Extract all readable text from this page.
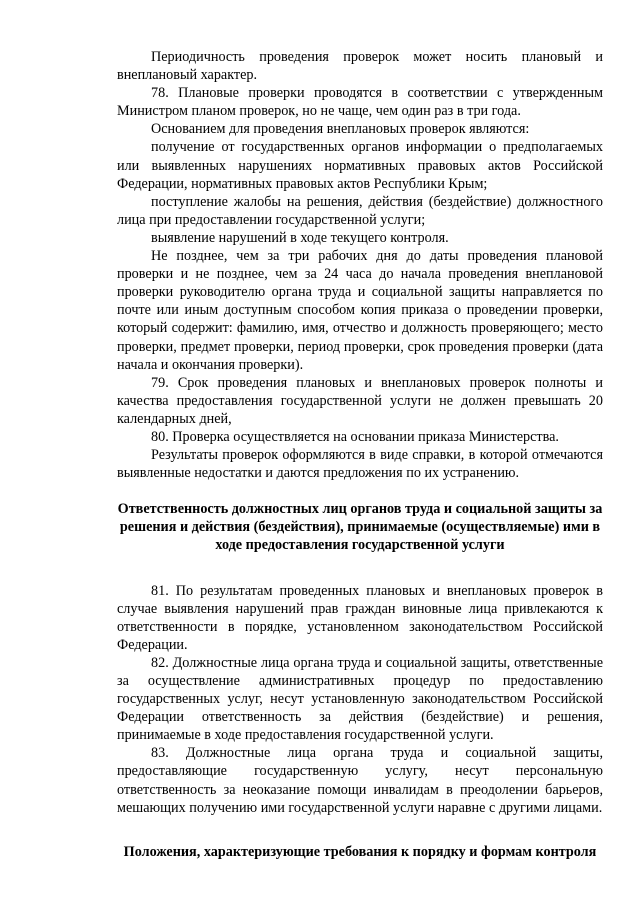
Периодичность проведения проверок может носить плановый и внеплановый характер.

78. Плановые проверки проводятся в соответствии с утвержденным Министром планом проверок, но не чаще, чем один раз в три года.

Основанием для проведения внеплановых проверок являются:

получение от государственных органов информации о предполагаемых или выявленных нарушениях нормативных правовых актов Российской Федерации, нормативных правовых актов Республики Крым;

поступление жалобы на решения, действия (бездействие) должностного лица при предоставлении государственной услуги;

выявление нарушений в ходе текущего контроля.

Не позднее, чем за три рабочих дня до даты проведения плановой проверки и не позднее, чем за 24 часа до начала проведения внеплановой проверки руководителю органа труда и социальной защиты направляется по почте или иным доступным способом копия приказа о проведении проверки, который содержит: фамилию, имя, отчество и должность проверяющего; место проверки, предмет проверки, период проверки, срок проведения проверки (дата начала и окончания проверки).

79. Срок проведения плановых и внеплановых проверок полноты и качества предоставления государственной услуги не должен превышать 20 календарных дней,

80. Проверка осуществляется на основании приказа Министерства.

Результаты проверок оформляются в виде справки, в которой отмечаются выявленные недостатки и даются предложения по их устранению.

Ответственность должностных лиц органов труда и социальной защиты за решения и действия (бездействия), принимаемые (осуществляемые) ими в ходе предоставления государственной услуги

81. По результатам проведенных плановых и внеплановых проверок в случае выявления нарушений прав граждан виновные лица привлекаются к ответственности в порядке, установленном законодательством Российской Федерации.

82. Должностные лица органа труда и социальной защиты, ответственные за осуществление административных процедур по предоставлению государственных услуг, несут установленную законодательством Российской Федерации ответственность за действия (бездействие) и решения, принимаемые в ходе предоставления государственной услуги.

83. Должностные лица органа труда и социальной защиты, предоставляющие государственную услугу, несут персональную ответственность за неоказание помощи инвалидам в преодолении барьеров, мешающих получению ими государственной услуги наравне с другими лицами.

Положения, характеризующие требования к порядку и формам контроля
